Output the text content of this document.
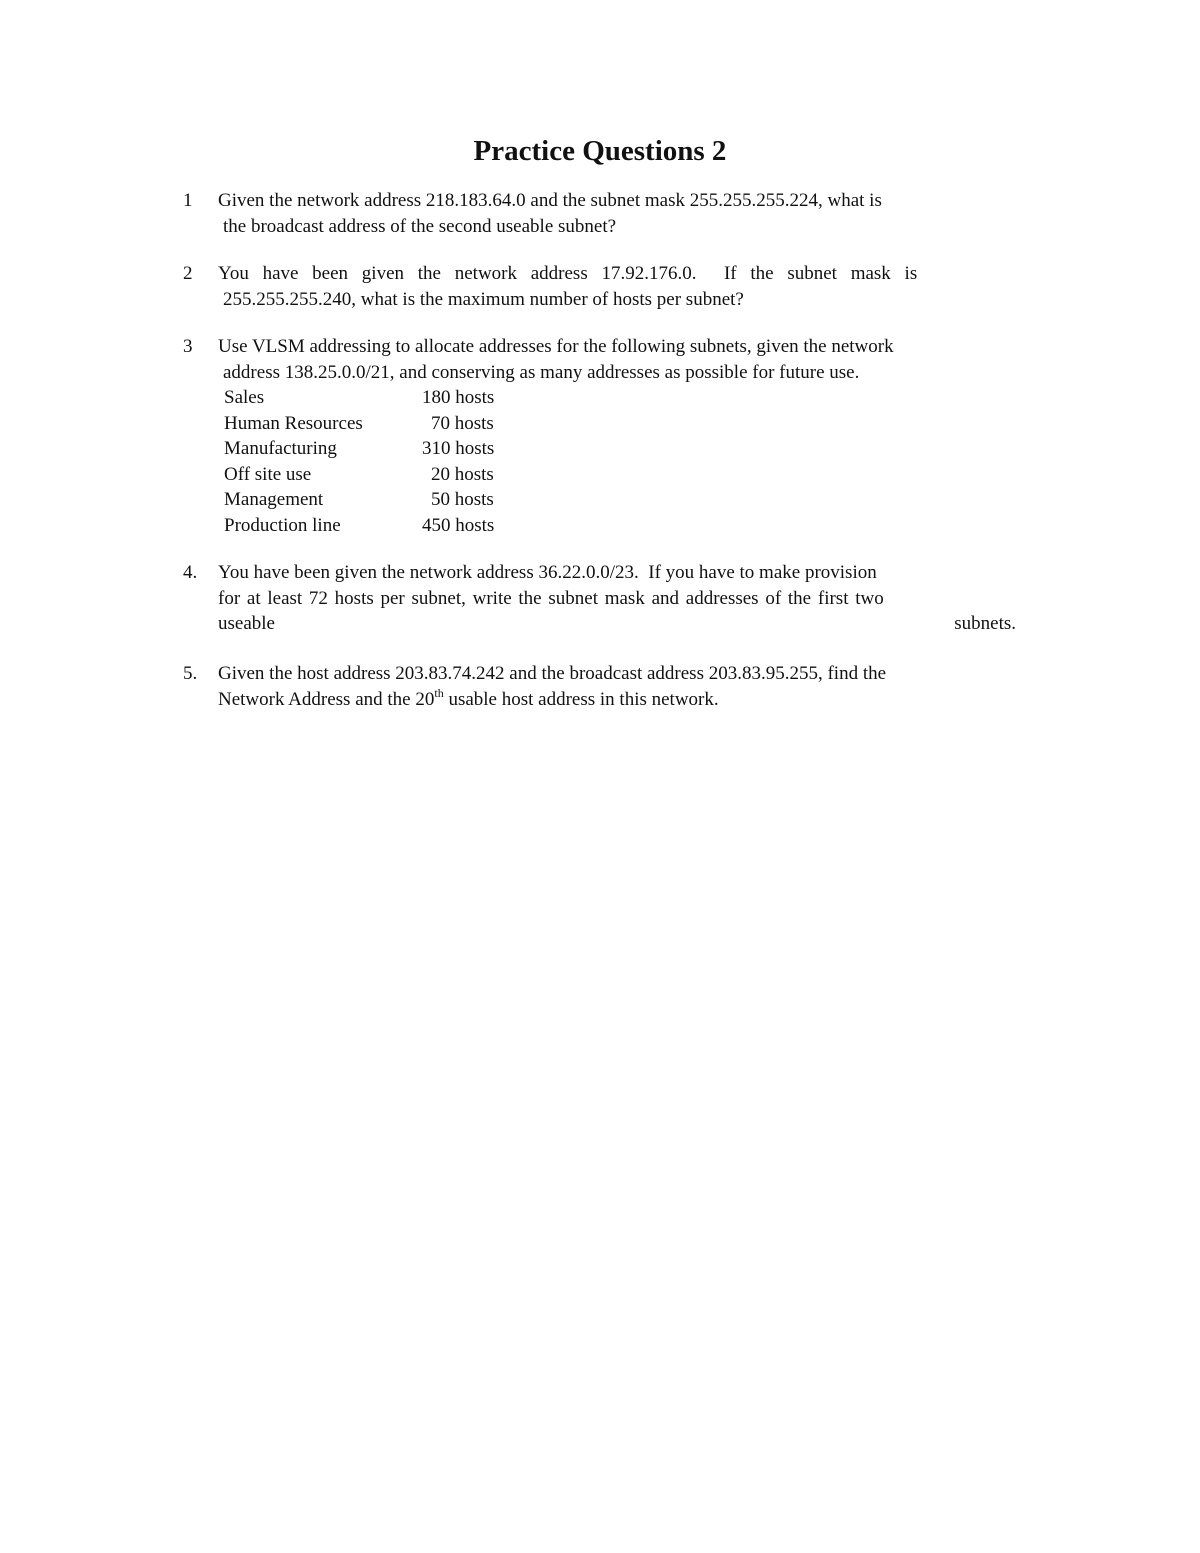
Practice Questions 2
1 Given the network address 218.183.64.0 and the subnet mask 255.255.255.224, what is
the broadcast address of the second useable subnet?
2 You have been given the network address 17.92.176.0.  If the subnet mask is
255.255.255.240, what is the maximum number of hosts per subnet?
3 Use VLSM addressing to allocate addresses for the following subnets, given the network
address 138.25.0.0/21, and conserving as many addresses as possible for future use.
Sales	180 hosts
Human Resources	70 hosts
Manufacturing	310 hosts
Off site use	20 hosts
Management	50 hosts
Production line	450 hosts
4. You have been given the network address 36.22.0.0/23.  If you have to make provision
for at least 72 hosts per subnet, write the subnet mask and addresses of the first two
useable	subnets.
5. Given the host address 203.83.74.242 and the broadcast address 203.83.95.255, find the
Network Address and the 20th usable host address in this network.
